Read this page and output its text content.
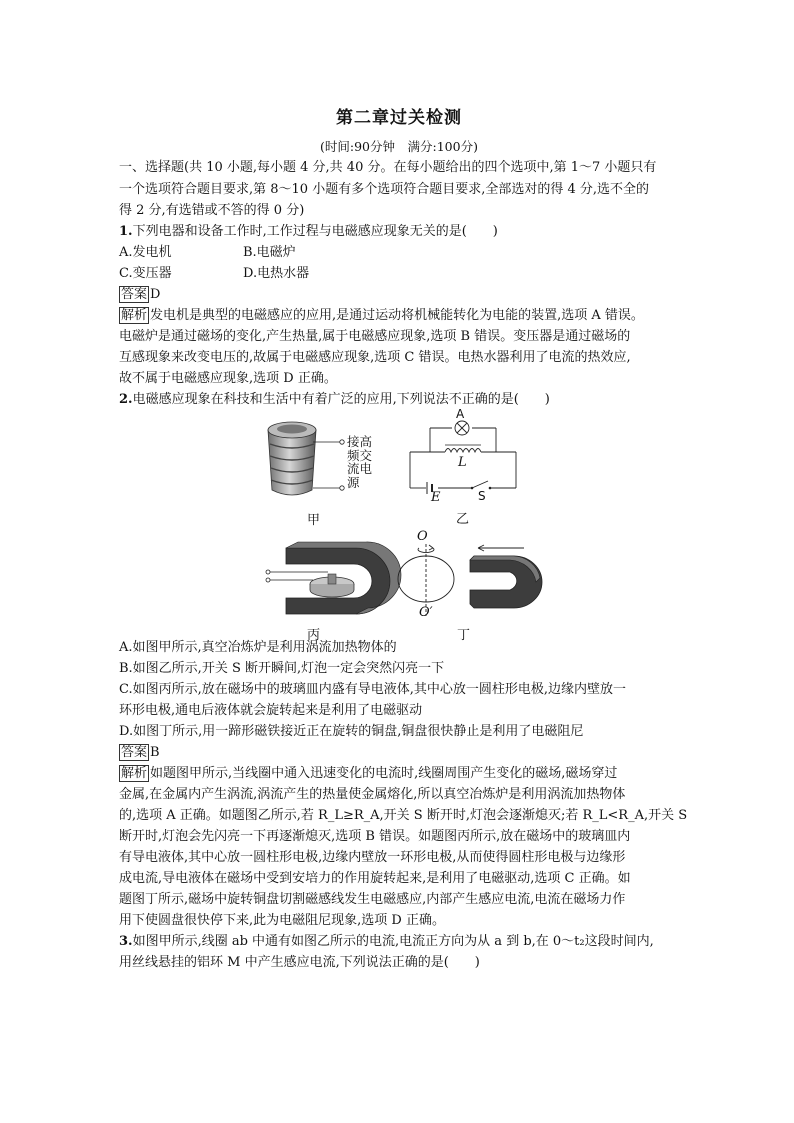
第二章过关检测
(时间:90分钟　满分:100分)
一、选择题(共 10 小题,每小题 4 分,共 40 分。在每小题给出的四个选项中,第 1～7 小题只有
一个选项符合题目要求,第 8～10 小题有多个选项符合题目要求,全部选对的得 4 分,选不全的
得 2 分,有选错或不答的得 0 分)
1.下列电器和设备工作时,工作过程与电磁感应现象无关的是(　　)
A.发电机	B.电磁炉
C.变压器	D.电热水器
答案 D
解析 发电机是典型的电磁感应的应用,是通过运动将机械能转化为电能的装置,选项 A 错误。
电磁炉是通过磁场的变化,产生热量,属于电磁感应现象,选项 B 错误。变压器是通过磁场的
互感现象来改变电压的,故属于电磁感应现象,选项 C 错误。电热水器利用了电流的热效应,
故不属于电磁感应现象,选项 D 正确。
2.电磁感应现象在科技和生活中有着广泛的应用,下列说法不正确的是(　　)
接高
频交
流电
源
甲
A
L
E	S
乙
丙
O
O′
丁
A.如图甲所示,真空冶炼炉是利用涡流加热物体的
B.如图乙所示,开关 S 断开瞬间,灯泡一定会突然闪亮一下
C.如图丙所示,放在磁场中的玻璃皿内盛有导电液体,其中心放一圆柱形电极,边缘内壁放一
环形电极,通电后液体就会旋转起来是利用了电磁驱动
D.如图丁所示,用一蹄形磁铁接近正在旋转的铜盘,铜盘很快静止是利用了电磁阻尼
答案 B
解析 如题图甲所示,当线圈中通入迅速变化的电流时,线圈周围产生变化的磁场,磁场穿过
金属,在金属内产生涡流,涡流产生的热量使金属熔化,所以真空冶炼炉是利用涡流加热物体
的,选项 A 正确。如题图乙所示,若 R_L≥R_A,开关 S 断开时,灯泡会逐渐熄灭;若 R_L<R_A,开关 S
断开时,灯泡会先闪亮一下再逐渐熄灭,选项 B 错误。如题图丙所示,放在磁场中的玻璃皿内
有导电液体,其中心放一圆柱形电极,边缘内壁放一环形电极,从而使得圆柱形电极与边缘形
成电流,导电液体在磁场中受到安培力的作用旋转起来,是利用了电磁驱动,选项 C 正确。如
题图丁所示,磁场中旋转铜盘切割磁感线发生电磁感应,内部产生感应电流,电流在磁场力作
用下使圆盘很快停下来,此为电磁阻尼现象,选项 D 正确。
3.如图甲所示,线圈 ab 中通有如图乙所示的电流,电流正方向为从 a 到 b,在 0～t₂这段时间内,
用丝线悬挂的铝环 M 中产生感应电流,下列说法正确的是(　　)
